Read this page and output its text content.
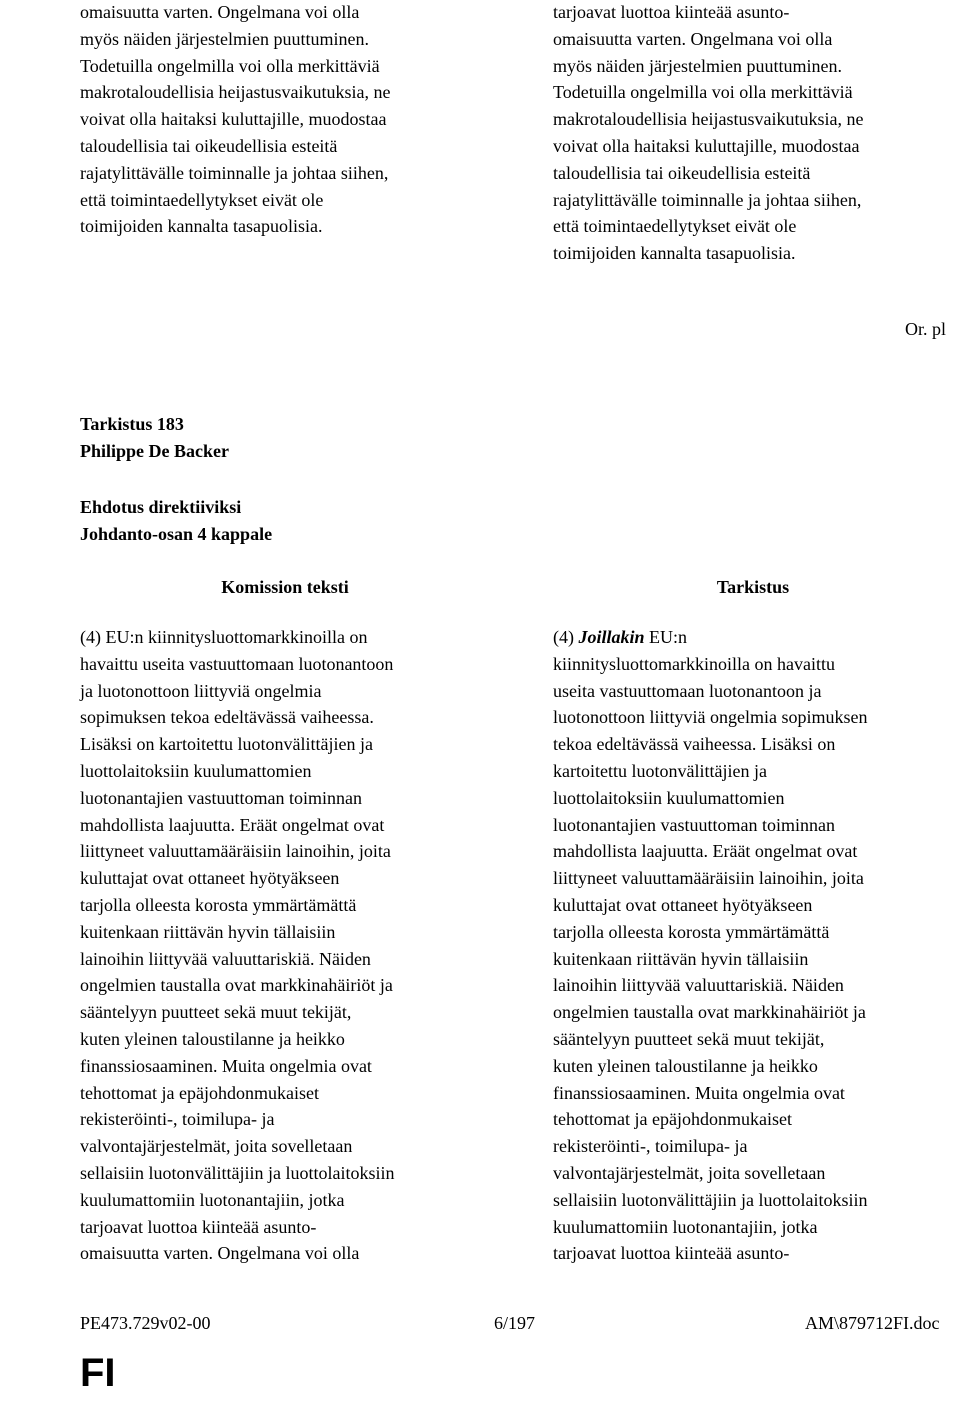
omaisuutta varten. Ongelmana voi olla
myös näiden järjestelmien puuttuminen.
Todetuilla ongelmilla voi olla merkittäviä
makrotaloudellisia heijastusvaikutuksia, ne
voivat olla haitaksi kuluttajille, muodostaa
taloudellisia tai oikeudellisia esteitä
rajatylittävälle toiminnalle ja johtaa siihen,
että toimintaedellytykset eivät ole
toimijoiden kannalta tasapuolisia.
tarjoavat luottoa kiinteää asunto-
omaisuutta varten. Ongelmana voi olla
myös näiden järjestelmien puuttuminen.
Todetuilla ongelmilla voi olla merkittäviä
makrotaloudellisia heijastusvaikutuksia, ne
voivat olla haitaksi kuluttajille, muodostaa
taloudellisia tai oikeudellisia esteitä
rajatylittävälle toiminnalle ja johtaa siihen,
että toimintaedellytykset eivät ole
toimijoiden kannalta tasapuolisia.
Or. pl
Tarkistus 183
Philippe De Backer
Ehdotus direktiiviksi
Johdanto-osan 4 kappale
Komission teksti	Tarkistus
(4) EU:n kiinnitysluottomarkkinoilla on
havaittu useita vastuuttomaan luotonantoon
ja luotonottoon liittyviä ongelmia
sopimuksen tekoa edeltävässä vaiheessa.
Lisäksi on kartoitettu luotonvälittäjien ja
luottolaitoksiin kuulumattomien
luotonantajien vastuuttoman toiminnan
mahdollista laajuutta. Eräät ongelmat ovat
liittyneet valuuttamääräisiin lainoihin, joita
kuluttajat ovat ottaneet hyötyäkseen
tarjolla olleesta korosta ymmärtämättä
kuitenkaan riittävän hyvin tällaisiin
lainoihin liittyvää valuuttariskiä. Näiden
ongelmien taustalla ovat markkinahäiriöt ja
sääntelyyn puutteet sekä muut tekijät,
kuten yleinen taloustilanne ja heikko
finanssiosaaminen. Muita ongelmia ovat
tehottomat ja epäjohdonmukaiset
rekisteröinti-, toimilupa- ja
valvontajärjestelmät, joita sovelletaan
sellaisiin luotonvälittäjiin ja luottolaitoksiin
kuulumattomiin luotonantajiin, jotka
tarjoavat luottoa kiinteää asunto-
omaisuutta varten. Ongelmana voi olla
(4) Joillakin EU:n
kiinnitysluottomarkkinoilla on havaittu
useita vastuuttomaan luotonantoon ja
luotonottoon liittyviä ongelmia sopimuksen
tekoa edeltävässä vaiheessa. Lisäksi on
kartoitettu luotonvälittäjien ja
luottolaitoksiin kuulumattomien
luotonantajien vastuuttoman toiminnan
mahdollista laajuutta. Eräät ongelmat ovat
liittyneet valuuttamääräisiin lainoihin, joita
kuluttajat ovat ottaneet hyötyäkseen
tarjolla olleesta korosta ymmärtämättä
kuitenkaan riittävän hyvin tällaisiin
lainoihin liittyvää valuuttariskiä. Näiden
ongelmien taustalla ovat markkinahäiriöt ja
sääntelyyn puutteet sekä muut tekijät,
kuten yleinen taloustilanne ja heikko
finanssiosaaminen. Muita ongelmia ovat
tehottomat ja epäjohdonmukaiset
rekisteröinti-, toimilupa- ja
valvontajärjestelmät, joita sovelletaan
sellaisiin luotonvälittäjiin ja luottolaitoksiin
kuulumattomiin luotonantajiin, jotka
tarjoavat luottoa kiinteää asunto-
PE473.729v02-00	6/197	AM\879712FI.doc
FI
